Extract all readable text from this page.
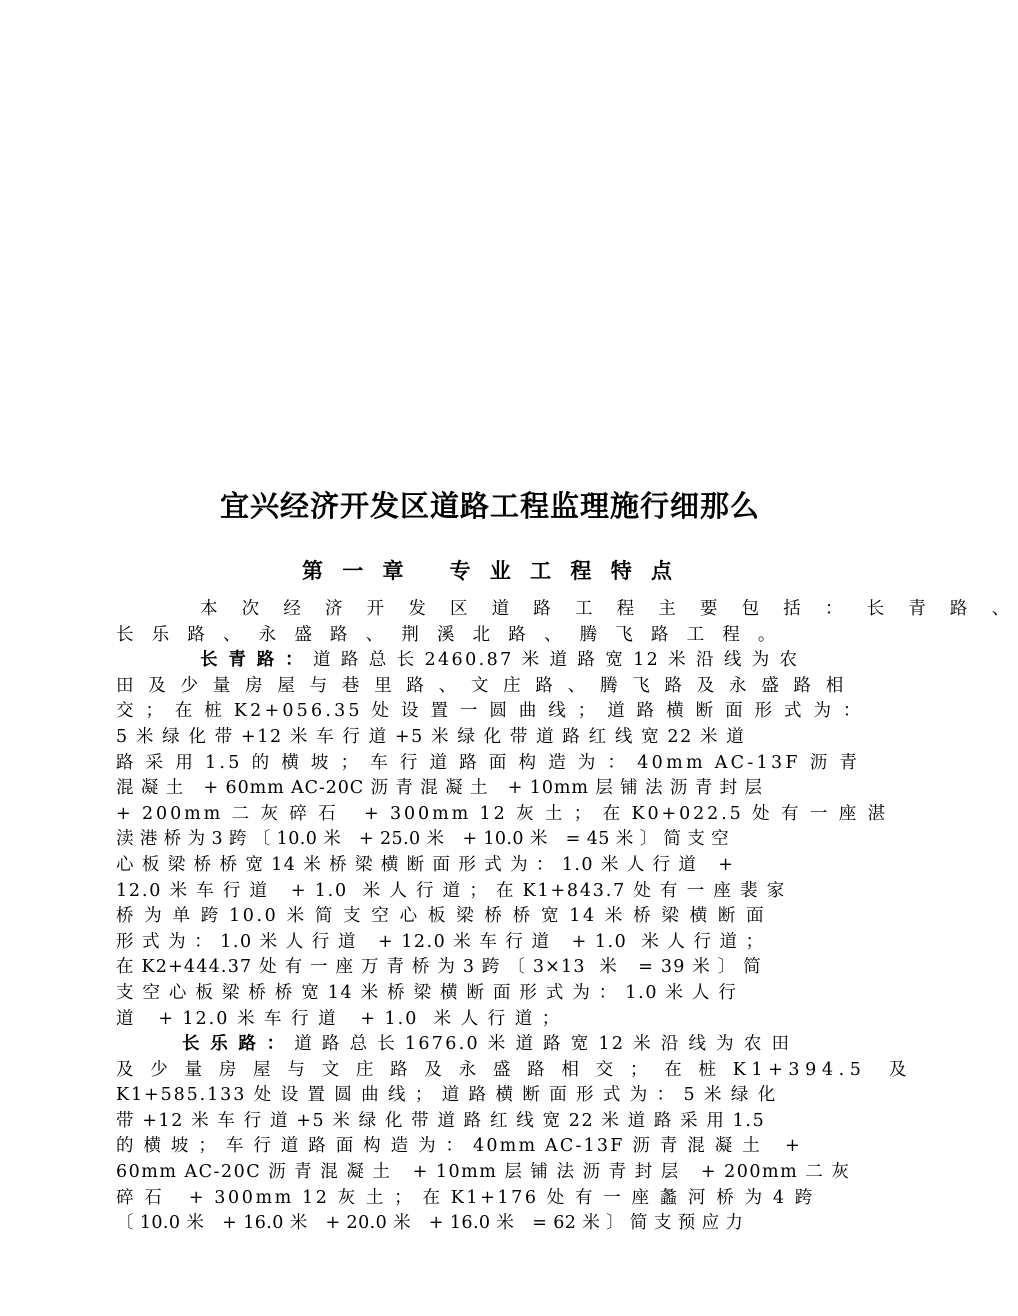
宜兴经济开发区道路工程监理施行细那么
第 一 章   专 业 工 程 特 点
本 次 经 济 开 发 区 道 路 工 程 主 要 包 括 ： 长 青 路 、
长 乐 路 、 永 盛 路 、 荆 溪 北 路 、 腾 飞 路 工 程 。
长 青 路 ： 道 路 总 长 2460.87 米 道 路 宽 12 米 沿 线 为 农
田 及 少 量 房 屋 与 巷 里 路 、 文 庄 路 、 腾 飞 路 及 永 盛 路 相
交 ； 在 桩 K2+056.35 处 设 置 一 圆 曲 线 ； 道 路 横 断 面 形 式 为 ：
5 米 绿 化 带 +12 米 车 行 道 +5 米 绿 化 带 道 路 红 线 宽 22 米 道
路 采 用 1.5 的 横 坡 ； 车 行 道 路 面 构 造 为 ： 40mm AC-13F 沥 青
混 凝 土   + 60mm AC-20C 沥 青 混 凝 土   + 10mm 层 铺 法 沥 青 封 层
+ 200mm 二 灰 碎 石   + 300mm 12 灰 土 ； 在 K0+022.5 处 有 一 座 湛
渎 港 桥 为 3 跨 〔 10.0 米   + 25.0 米   + 10.0 米   = 45 米 〕 简 支 空
心 板 梁 桥 桥 宽 14 米 桥 梁 横 断 面 形 式 为 ： 1.0 米 人 行 道   +
12.0 米 车 行 道   + 1.0  米 人 行 道 ； 在 K1+843.7 处 有 一 座 裴 家
桥 为 单 跨 10.0 米 简 支 空 心 板 梁 桥 桥 宽 14 米 桥 梁 横 断 面
形 式 为 ： 1.0 米 人 行 道   + 12.0 米 车 行 道   + 1.0  米 人 行 道 ；
在 K2+444.37 处 有 一 座 万 青 桥 为 3 跨 〔 3×13  米   = 39 米 〕 简
支 空 心 板 梁 桥 桥 宽 14 米 桥 梁 横 断 面 形 式 为 ： 1.0 米 人 行
道   + 12.0 米 车 行 道   + 1.0  米 人 行 道 ；
长 乐 路 ： 道 路 总 长 1676.0 米 道 路 宽 12 米 沿 线 为 农 田
及 少 量 房 屋 与 文 庄 路 及 永 盛 路 相 交 ； 在 桩 K1+394.5  及
K1+585.133 处 设 置 圆 曲 线 ； 道 路 横 断 面 形 式 为 ： 5 米 绿 化
带 +12 米 车 行 道 +5 米 绿 化 带 道 路 红 线 宽 22 米 道 路 采 用 1.5
的 横 坡 ； 车 行 道 路 面 构 造 为 ： 40mm AC-13F 沥 青 混 凝 土   +
60mm AC-20C 沥 青 混 凝 土   + 10mm 层 铺 法 沥 青 封 层   + 200mm 二 灰
碎 石   + 300mm 12 灰 土 ； 在 K1+176 处 有 一 座 蠡 河 桥 为 4 跨
〔 10.0 米   + 16.0 米   + 20.0 米   + 16.0 米   = 62 米 〕 简 支 预 应 力
